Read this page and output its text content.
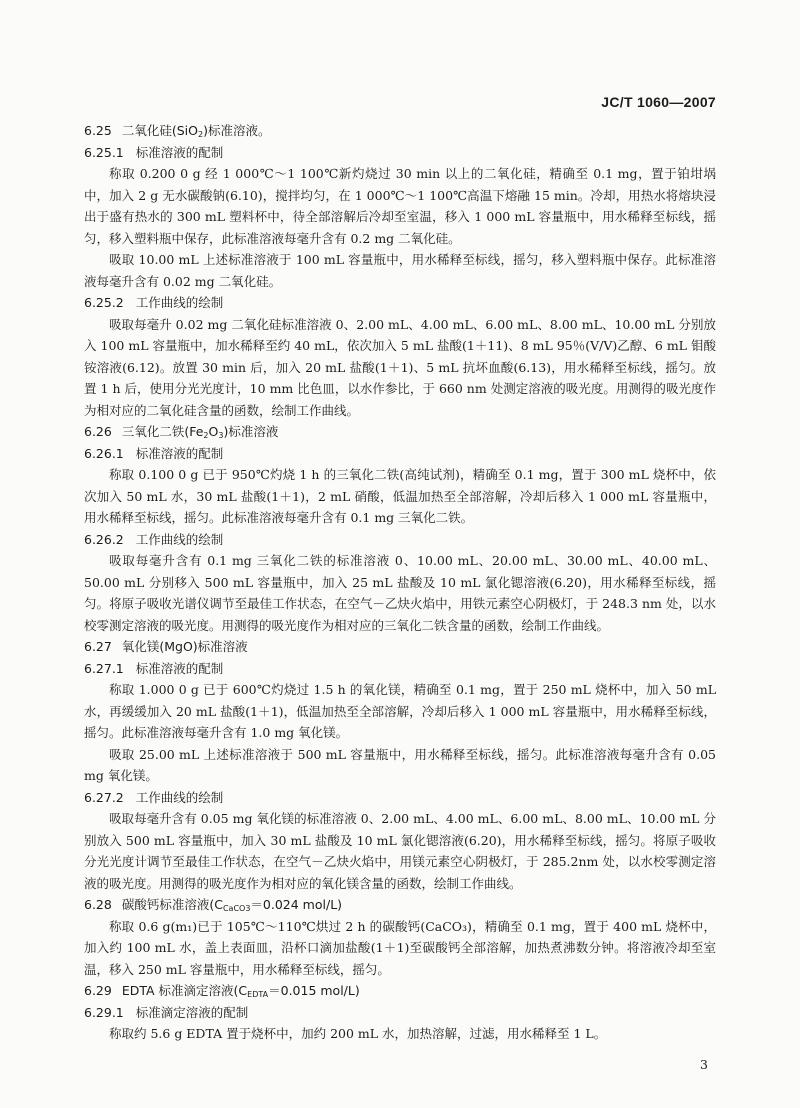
JC/T 1060—2007

6.25 二氧化硅(SiO$_2$)标准溶液。

6.25.1 标准溶液的配制

称取 0.200 0 g 经 1 000℃～1 100℃新灼烧过 30 min 以上的二氧化硅，精确至 0.1 mg，置于铂坩埚中，加入 2 g 无水碳酸钠(6.10)，搅拌均匀，在 1 000℃～1 100℃高温下熔融 15 min。冷却，用热水将熔块浸出于盛有热水的 300 mL 塑料杯中，待全部溶解后冷却至室温，移入 1 000 mL 容量瓶中，用水稀释至标线，摇匀，移入塑料瓶中保存，此标准溶液每毫升含有 0.2 mg 二氧化硅。

吸取 10.00 mL 上述标准溶液于 100 mL 容量瓶中，用水稀释至标线，摇匀，移入塑料瓶中保存。此标准溶液每毫升含有 0.02 mg 二氧化硅。

6.25.2 工作曲线的绘制

吸取每毫升 0.02 mg 二氧化硅标准溶液 0、2.00 mL、4.00 mL、6.00 mL、8.00 mL、10.00 mL 分别放入 100 mL 容量瓶中，加水稀释至约 40 mL，依次加入 5 mL 盐酸(1＋11)、8 mL 95％(V/V)乙醇、6 mL 钼酸铵溶液(6.12)。放置 30 min 后，加入 20 mL 盐酸(1＋1)、5 mL 抗坏血酸(6.13)，用水稀释至标线，摇匀。放置 1 h 后，使用分光光度计，10 mm 比色皿，以水作参比，于 660 nm 处测定溶液的吸光度。用测得的吸光度作为相对应的二氧化硅含量的函数，绘制工作曲线。

6.26 三氧化二铁$(Fe_2O_3)$标准溶液

6.26.1 标准溶液的配制

称取 0.100 0 g 已于 950℃灼烧 1 h 的三氧化二铁(高纯试剂)，精确至 0.1 mg，置于 300 mL 烧杯中，依次加入 50 mL 水，30 mL 盐酸(1＋1)，2 mL 硝酸，低温加热至全部溶解，冷却后移入 1 000 mL 容量瓶中，用水稀释至标线，摇匀。此标准溶液每毫升含有 0.1 mg 三氧化二铁。

6.26.2 工作曲线的绘制

吸取每毫升含有 0.1 mg 三氧化二铁的标准溶液 0、10.00 mL、20.00 mL、30.00 mL、40.00 mL、50.00 mL 分别移入 500 mL 容量瓶中，加入 25 mL 盐酸及 10 mL 氯化锶溶液(6.20)，用水稀释至标线，摇匀。将原子吸收光谱仪调节至最佳工作状态，在空气－乙炔火焰中，用铁元素空心阴极灯，于 248.3 nm 处，以水校零测定溶液的吸光度。用测得的吸光度作为相对应的三氧化二铁含量的函数，绘制工作曲线。

6.27 氧化镁(MgO)标准溶液

6.27.1 标准溶液的配制

称取 1.000 0 g 已于 600℃灼烧过 1.5 h 的氧化镁，精确至 0.1 mg，置于 250 mL 烧杯中，加入 50 mL 水，再缓缓加入 20 mL 盐酸(1＋1)，低温加热至全部溶解，冷却后移入 1 000 mL 容量瓶中，用水稀释至标线，摇匀。此标准溶液每毫升含有 1.0 mg 氧化镁。

吸取 25.00 mL 上述标准溶液于 500 mL 容量瓶中，用水稀释至标线，摇匀。此标准溶液每毫升含有 0.05 mg 氧化镁。

6.27.2 工作曲线的绘制

吸取每毫升含有 0.05 mg 氧化镁的标准溶液 0、2.00 mL、4.00 mL、6.00 mL、8.00 mL、10.00 mL 分别放入 500 mL 容量瓶中，加入 30 mL 盐酸及 10 mL 氯化锶溶液(6.20)，用水稀释至标线，摇匀。将原子吸收分光光度计调节至最佳工作状态，在空气－乙炔火焰中，用镁元素空心阴极灯，于 285.2nm 处，以水校零测定溶液的吸光度。用测得的吸光度作为相对应的氧化镁含量的函数，绘制工作曲线。

6.28 碳酸钙标准溶液($C_{CaCO3}=0.024$ mol/L)

称取 0.6 g(m₁)已于 105℃～110℃烘过 2 h 的碳酸钙(CaCO₃)，精确至 0.1 mg，置于 400 mL 烧杯中，加入约 100 mL 水，盖上表面皿，沿杯口滴加盐酸(1＋1)至碳酸钙全部溶解，加热煮沸数分钟。将溶液冷却至室温，移入 250 mL 容量瓶中，用水稀释至标线，摇匀。

6.29 EDTA 标准滴定溶液($C_{EDTA}=0.015$ mol/L)

6.29.1 标准滴定溶液的配制

称取约 5.6 g EDTA 置于烧杯中，加约 200 mL 水，加热溶解，过滤，用水稀释至 1 L。

3
